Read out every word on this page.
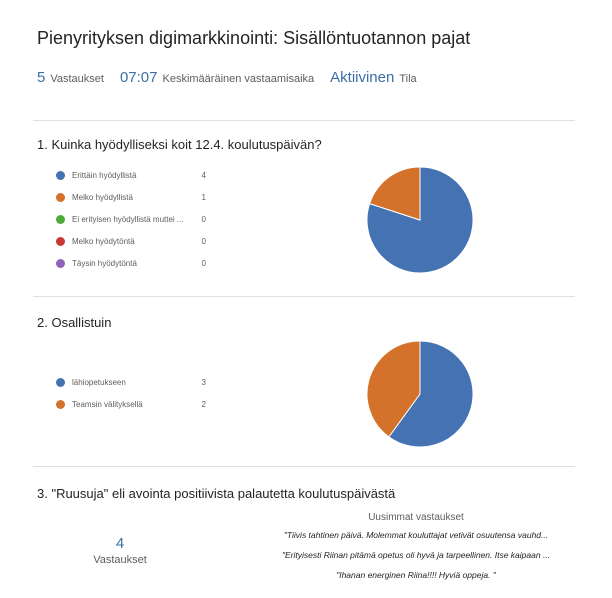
Pienyrityksen digimarkkinointi: Sisällöntuotannon pajat
5 Vastaukset 07:07 Keskimääräinen vastaamisaika Aktiivinen Tila
1. Kuinka hyödylliseksi koit 12.4. koulutuspäivän?
Erittäin hyödyllistä	4
Melko hyödyllistä	1
Ei erityisen hyödyllistä muttei ...	0
Melko hyödytöntä	0
Täysin hyödytöntä	0
2. Osallistuin
lähiopetukseen	3
Teamsin välityksellä	2
3. "Ruusuja" eli avointa positiivista palautetta koulutuspäivästä
4
Vastaukset
Uusimmat vastaukset
"Tiivis tahtinen päivä. Molemmat kouluttajat vetivät osuutensa vauhd...
"Erityisesti Riinan pitämä opetus oli hyvä ja tarpeellinen. Itse kaipaan ...
"Ihanan energinen Riina!!!! Hyviä oppeja. "
